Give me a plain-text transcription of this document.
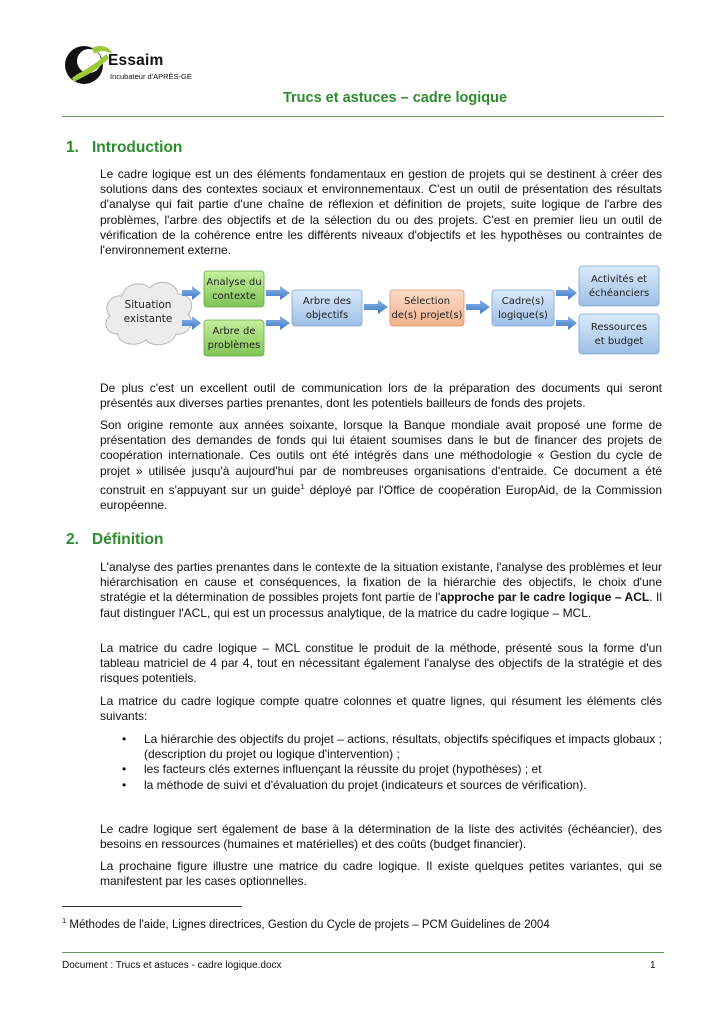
Essaim
Incubateur d'APRÈS-GE
Trucs et astuces – cadre logique
1. Introduction

Le cadre logique est un des éléments fondamentaux en gestion de projets qui se destinent à créer des solutions dans des contextes sociaux et environnementaux. C'est un outil de présentation des résultats d'analyse qui fait partie d'une chaîne de réflexion et définition de projets, suite logique de l'arbre des problèmes, l'arbre des objectifs et de la sélection du ou des projets. C'est en premier lieu un outil de vérification de la cohérence entre les différents niveaux d'objectifs et les hypothèses ou contraintes de l'environnement externe.

Situation
existante
Analyse du
contexte
Arbre de
problèmes
Arbre des
objectifs
Sélection
de(s) projet(s)
Cadre(s)
logique(s)
Activités et
échéanciers
Ressources
et budget

De plus c'est un excellent outil de communication lors de la préparation des documents qui seront présentés aux diverses parties prenantes, dont les potentiels bailleurs de fonds des projets.

Son origine remonte aux années soixante, lorsque la Banque mondiale avait proposé une forme de présentation des demandes de fonds qui lui étaient soumises dans le but de financer des projets de coopération internationale. Ces outils ont été intégrés dans une méthodologie « Gestion du cycle de projet » utilisée jusqu'à aujourd'hui par de nombreuses organisations d'entraide. Ce document a été construit en s'appuyant sur un guide$^1$ déployé par l'Office de coopération EuropAid, de la Commission européenne.

2. Définition

L'analyse des parties prenantes dans le contexte de la situation existante, l'analyse des problèmes et leur hiérarchisation en cause et conséquences, la fixation de la hiérarchie des objectifs, le choix d'une stratégie et la détermination de possibles projets font partie de l'approche par le cadre logique – ACL. Il faut distinguer l'ACL, qui est un processus analytique, de la matrice du cadre logique – MCL.

La matrice du cadre logique – MCL constitue le produit de la méthode, présenté sous la forme d'un tableau matriciel de 4 par 4, tout en nécessitant également l'analyse des objectifs de la stratégie et des risques potentiels.

La matrice du cadre logique compte quatre colonnes et quatre lignes, qui résument les éléments clés suivants:

• La hiérarchie des objectifs du projet – actions, résultats, objectifs spécifiques et impacts globaux ; (description du projet ou logique d'intervention) ;
• les facteurs clés externes influençant la réussite du projet (hypothèses) ; et
• la méthode de suivi et d'évaluation du projet (indicateurs et sources de vérification).

Le cadre logique sert également de base à la détermination de la liste des activités (échéancier), des besoins en ressources (humaines et matérielles) et des coûts (budget financier).

La prochaine figure illustre une matrice du cadre logique. Il existe quelques petites variantes, qui se manifestent par les cases optionnelles.

$^1$ Méthodes de l'aide, Lignes directrices, Gestion du Cycle de projets – PCM Guidelines de 2004
Document : Trucs et astuces - cadre logique.docx	1
